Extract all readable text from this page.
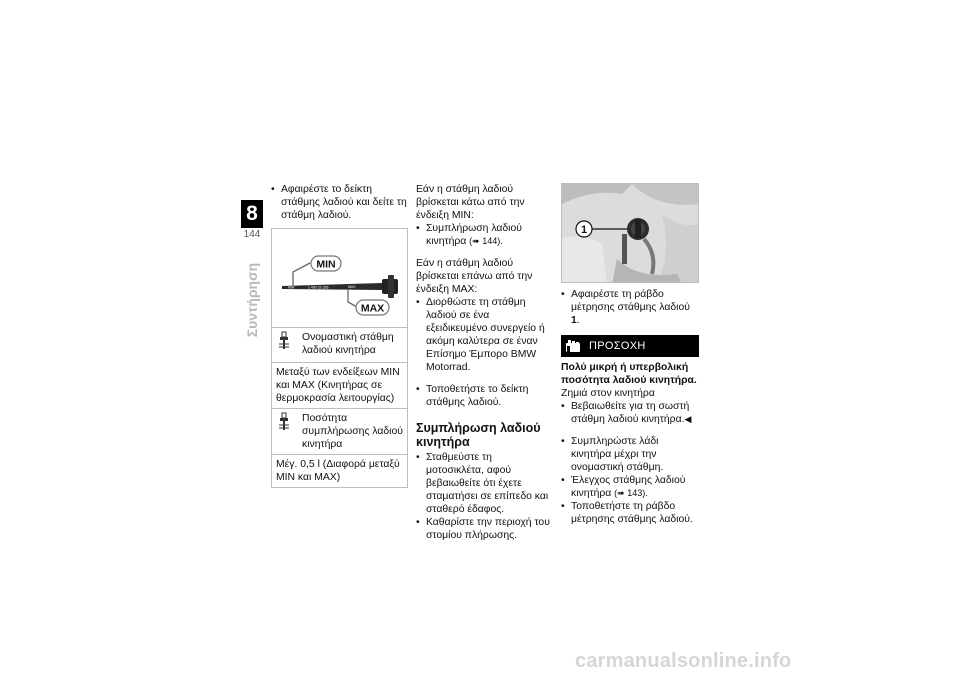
8
144
Συντήρηση
• Αφαιρέστε το δείκτη στάθμης λαδιού και δείτε τη στάθμη λαδιού.
MIN	1 400 22 236	MAX
MIN
MAX
Ονομαστική στάθμη λαδιού κινητήρα
Μεταξύ των ενδείξεων MIN και MAX (Κινητήρας σε θερμοκρασία λειτουργίας)
Ποσότητα συμπλήρωσης λαδιού κινητήρα
Μέγ. 0,5 l (Διαφορά μεταξύ MIN και MAX)
Εάν η στάθμη λαδιού βρίσκεται κάτω από την ένδειξη MIN:
• Συμπλήρωση λαδιού κινητήρα (➠ 144).
Εάν η στάθμη λαδιού βρίσκεται επάνω από την ένδειξη MAX:
• Διορθώστε τη στάθμη λαδιού σε ένα εξειδικευμένο συνεργείο ή ακόμη καλύτερα σε έναν Επίσημο Έμπορο BMW Motorrad.
• Τοποθετήστε το δείκτη στάθμης λαδιού.
Συμπλήρωση λαδιού κινητήρα
• Σταθμεύστε τη μοτοσικλέτα, αφού βεβαιωθείτε ότι έχετε σταματήσει σε επίπεδο και σταθερό έδαφος.
• Καθαρίστε την περιοχή του στομίου πλήρωσης.
1
• Αφαιρέστε τη ράβδο μέτρησης στάθμης λαδιού 1.
ΠΡΟΣΟΧΗ
Πολύ μικρή ή υπερβολική ποσότητα λαδιού κινητήρα.
Ζημιά στον κινητήρα
• Βεβαιωθείτε για τη σωστή στάθμη λαδιού κινητήρα.◀
• Συμπληρώστε λάδι κινητήρα μέχρι την ονομαστική στάθμη.
• Έλεγχος στάθμης λαδιού κινητήρα (➠ 143).
• Τοποθετήστε τη ράβδο μέτρησης στάθμης λαδιού.
carmanualsonline.info
